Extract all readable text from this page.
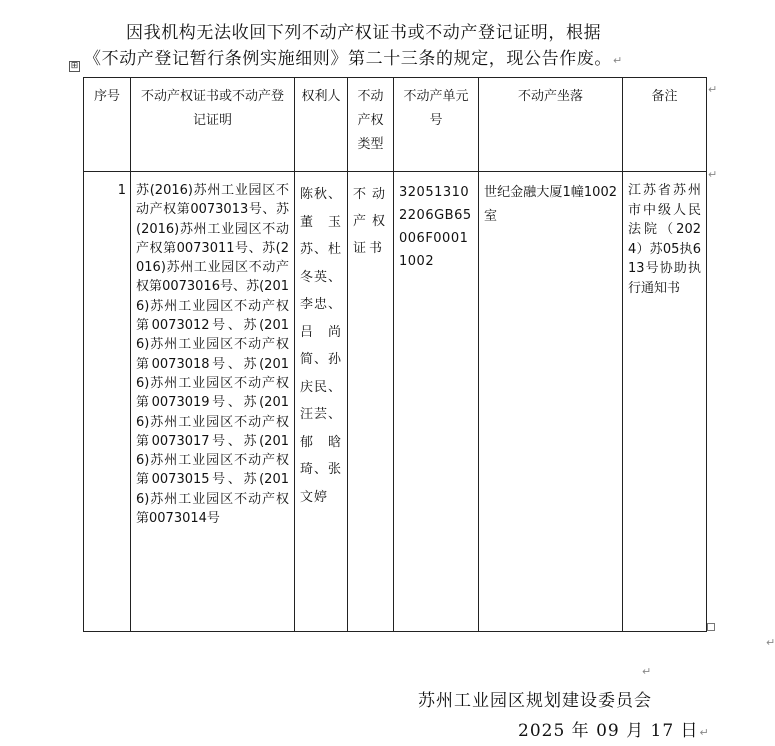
因我机构无法收回下列不动产权证书或不动产登记证明，根据

《不动产登记暂行条例实施细则》第二十三条的规定，现公告作废。↵

⊞
序号	不动产权证书或不动产登记证明	权利人	不动产权类型	不动产单元号	不动产坐落	备注
1	苏(2016)苏州工业园区不动产权第0073013号、苏(2016)苏州工业园区不动产权第0073011号、苏(2016)苏州工业园区不动产权第0073016号、苏(2016)苏州工业园区不动产权第0073012号、苏(2016)苏州工业园区不动产权第0073018号、苏(2016)苏州工业园区不动产权第0073019号、苏(2016)苏州工业园区不动产权第0073017号、苏(2016)苏州工业园区不动产权第0073015号、苏(2016)苏州工业园区不动产权第0073014号	陈秋、董玉苏、杜冬英、李忠、吕尚简、孙庆民、汪芸、郁晗琦、张文婷	不动产权证书	320513102206GB65006F00011002	世纪金融大厦1幢1002室	江苏省苏州市中级人民法院（2024）苏05执613号协助执行通知书
↵
↵
↵
↵
苏州工业园区规划建设委员会
2025 年 09 月 17 日↵
